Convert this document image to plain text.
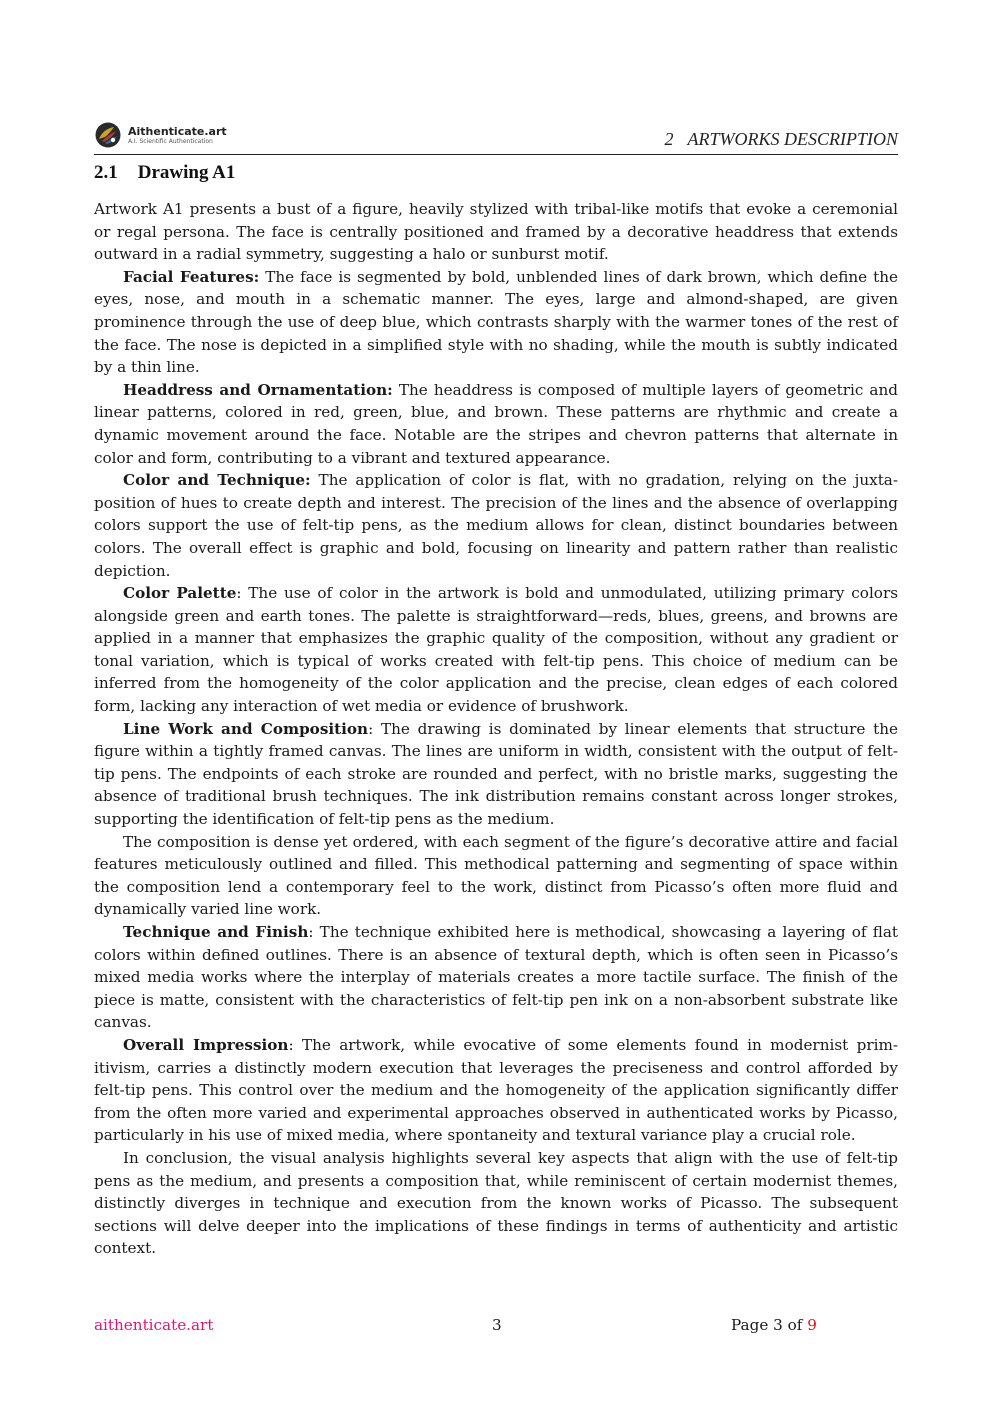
Aithenticate.art
A.I. Scientific Authentication	2 ARTWORKS DESCRIPTION
2.1 Drawing A1

Artwork A1 presents a bust of a figure, heavily stylized with tribal-like motifs that evoke a ceremonial or regal persona. The face is centrally positioned and framed by a decorative headdress that extends outward in a radial symmetry, suggesting a halo or sunburst motif.

Facial Features: The face is segmented by bold, unblended lines of dark brown, which define the eyes, nose, and mouth in a schematic manner. The eyes, large and almond-shaped, are given prominence through the use of deep blue, which contrasts sharply with the warmer tones of the rest of the face. The nose is depicted in a simplified style with no shading, while the mouth is subtly indicated by a thin line.

Headdress and Ornamentation: The headdress is composed of multiple layers of geometric and linear patterns, colored in red, green, blue, and brown. These patterns are rhythmic and create a dynamic movement around the face. Notable are the stripes and chevron patterns that alternate in color and form, contributing to a vibrant and textured appearance.

Color and Technique: The application of color is flat, with no gradation, relying on the juxtaposition of hues to create depth and interest. The precision of the lines and the absence of overlapping colors support the use of felt-tip pens, as the medium allows for clean, distinct boundaries between colors. The overall effect is graphic and bold, focusing on linearity and pattern rather than realistic depiction.

Color Palette: The use of color in the artwork is bold and unmodulated, utilizing primary colors alongside green and earth tones. The palette is straightforward—reds, blues, greens, and browns are applied in a manner that emphasizes the graphic quality of the composition, without any gradient or tonal variation, which is typical of works created with felt-tip pens. This choice of medium can be inferred from the homogeneity of the color application and the precise, clean edges of each colored form, lacking any interaction of wet media or evidence of brushwork.

Line Work and Composition: The drawing is dominated by linear elements that structure the figure within a tightly framed canvas. The lines are uniform in width, consistent with the output of felt-tip pens. The endpoints of each stroke are rounded and perfect, with no bristle marks, suggesting the absence of traditional brush techniques. The ink distribution remains constant across longer strokes, supporting the identification of felt-tip pens as the medium.

The composition is dense yet ordered, with each segment of the figure’s decorative attire and facial features meticulously outlined and filled. This methodical patterning and segmenting of space within the composition lend a contemporary feel to the work, distinct from Picasso’s often more fluid and dynamically varied line work.

Technique and Finish: The technique exhibited here is methodical, showcasing a layering of flat colors within defined outlines. There is an absence of textural depth, which is often seen in Picasso’s mixed media works where the interplay of materials creates a more tactile surface. The finish of the piece is matte, consistent with the characteristics of felt-tip pen ink on a non-absorbent substrate like canvas.

Overall Impression: The artwork, while evocative of some elements found in modernist primitivism, carries a distinctly modern execution that leverages the preciseness and control afforded by felt-tip pens. This control over the medium and the homogeneity of the application significantly differ from the often more varied and experimental approaches observed in authenticated works by Picasso, particularly in his use of mixed media, where spontaneity and textural variance play a crucial role.

In conclusion, the visual analysis highlights several key aspects that align with the use of felt-tip pens as the medium, and presents a composition that, while reminiscent of certain modernist themes, distinctly diverges in technique and execution from the known works of Picasso. The subsequent sections will delve deeper into the implications of these findings in terms of authenticity and artistic context.

aithenticate.art	3	Page 3 of 9
